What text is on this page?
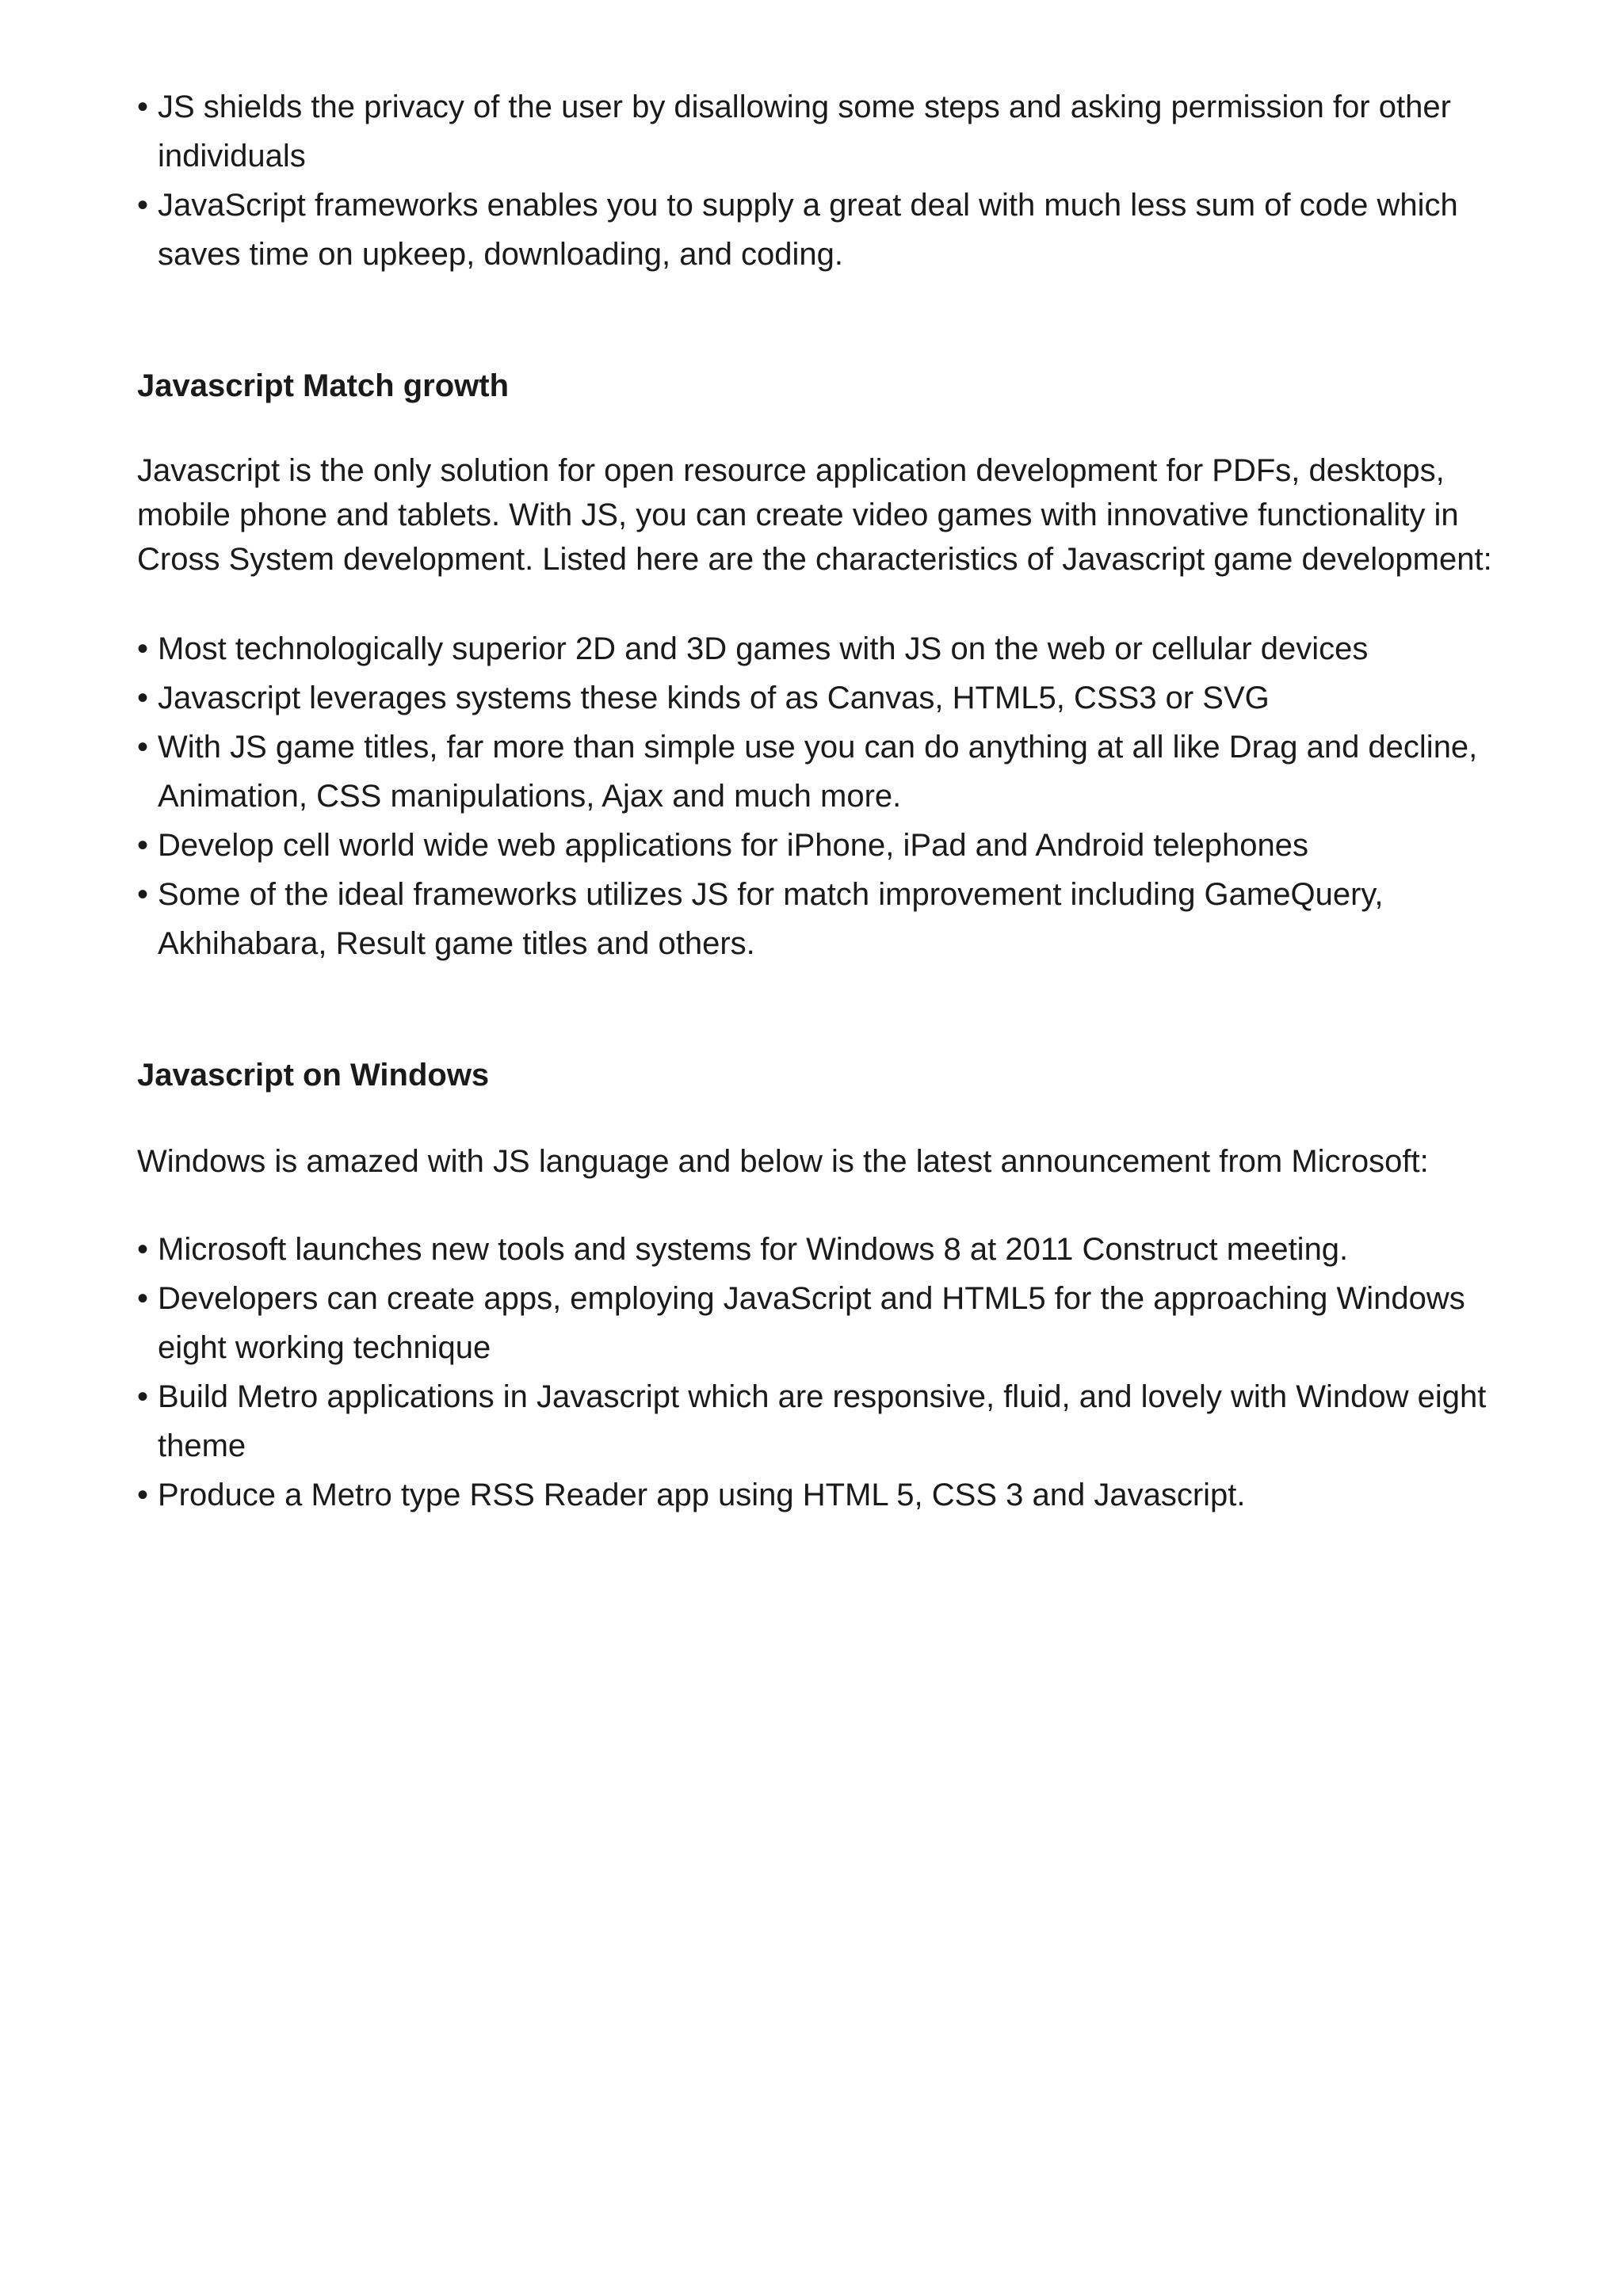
• JS shields the privacy of the user by disallowing some steps and asking permission for other individuals
• JavaScript frameworks enables you to supply a great deal with much less sum of code which saves time on upkeep, downloading, and coding.
Javascript Match growth

Javascript is the only solution for open resource application development for PDFs, desktops, mobile phone and tablets. With JS, you can create video games with innovative functionality in Cross System development. Listed here are the characteristics of Javascript game development:

• Most technologically superior 2D and 3D games with JS on the web or cellular devices
• Javascript leverages systems these kinds of as Canvas, HTML5, CSS3 or SVG
• With JS game titles, far more than simple use you can do anything at all like Drag and decline, Animation, CSS manipulations, Ajax and much more.
• Develop cell world wide web applications for iPhone, iPad and Android telephones
• Some of the ideal frameworks utilizes JS for match improvement including GameQuery, Akhihabara, Result game titles and others.
Javascript on Windows

Windows is amazed with JS language and below is the latest announcement from Microsoft:

• Microsoft launches new tools and systems for Windows 8 at 2011 Construct meeting.
• Developers can create apps, employing JavaScript and HTML5 for the approaching Windows eight working technique
• Build Metro applications in Javascript which are responsive, fluid, and lovely with Window eight theme
• Produce a Metro type RSS Reader app using HTML 5, CSS 3 and Javascript.
